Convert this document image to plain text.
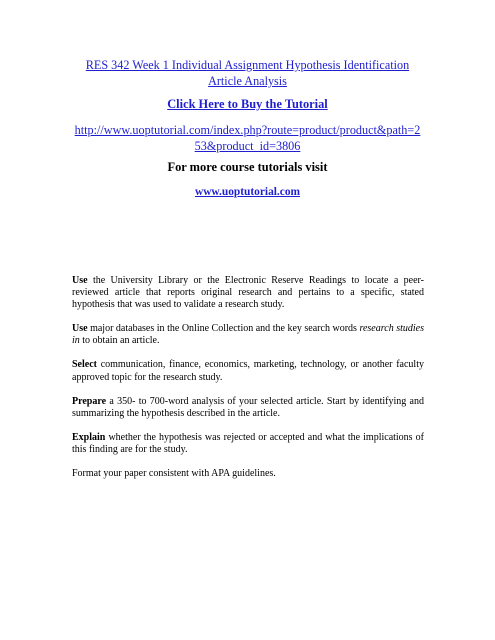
RES 342 Week 1 Individual Assignment Hypothesis Identification Article Analysis
Click Here to Buy the Tutorial
http://www.uoptutorial.com/index.php?route=product/product&path=253&product_id=3806
For more course tutorials visit
www.uoptutorial.com

Use the University Library or the Electronic Reserve Readings to locate a peer-reviewed article that reports original research and pertains to a specific, stated hypothesis that was used to validate a research study.

Use major databases in the Online Collection and the key search words research studies in to obtain an article.

Select communication, finance, economics, marketing, technology, or another faculty approved topic for the research study.

Prepare a 350- to 700-word analysis of your selected article. Start by identifying and summarizing the hypothesis described in the article.

Explain whether the hypothesis was rejected or accepted and what the implications of this finding are for the study.

Format your paper consistent with APA guidelines.
